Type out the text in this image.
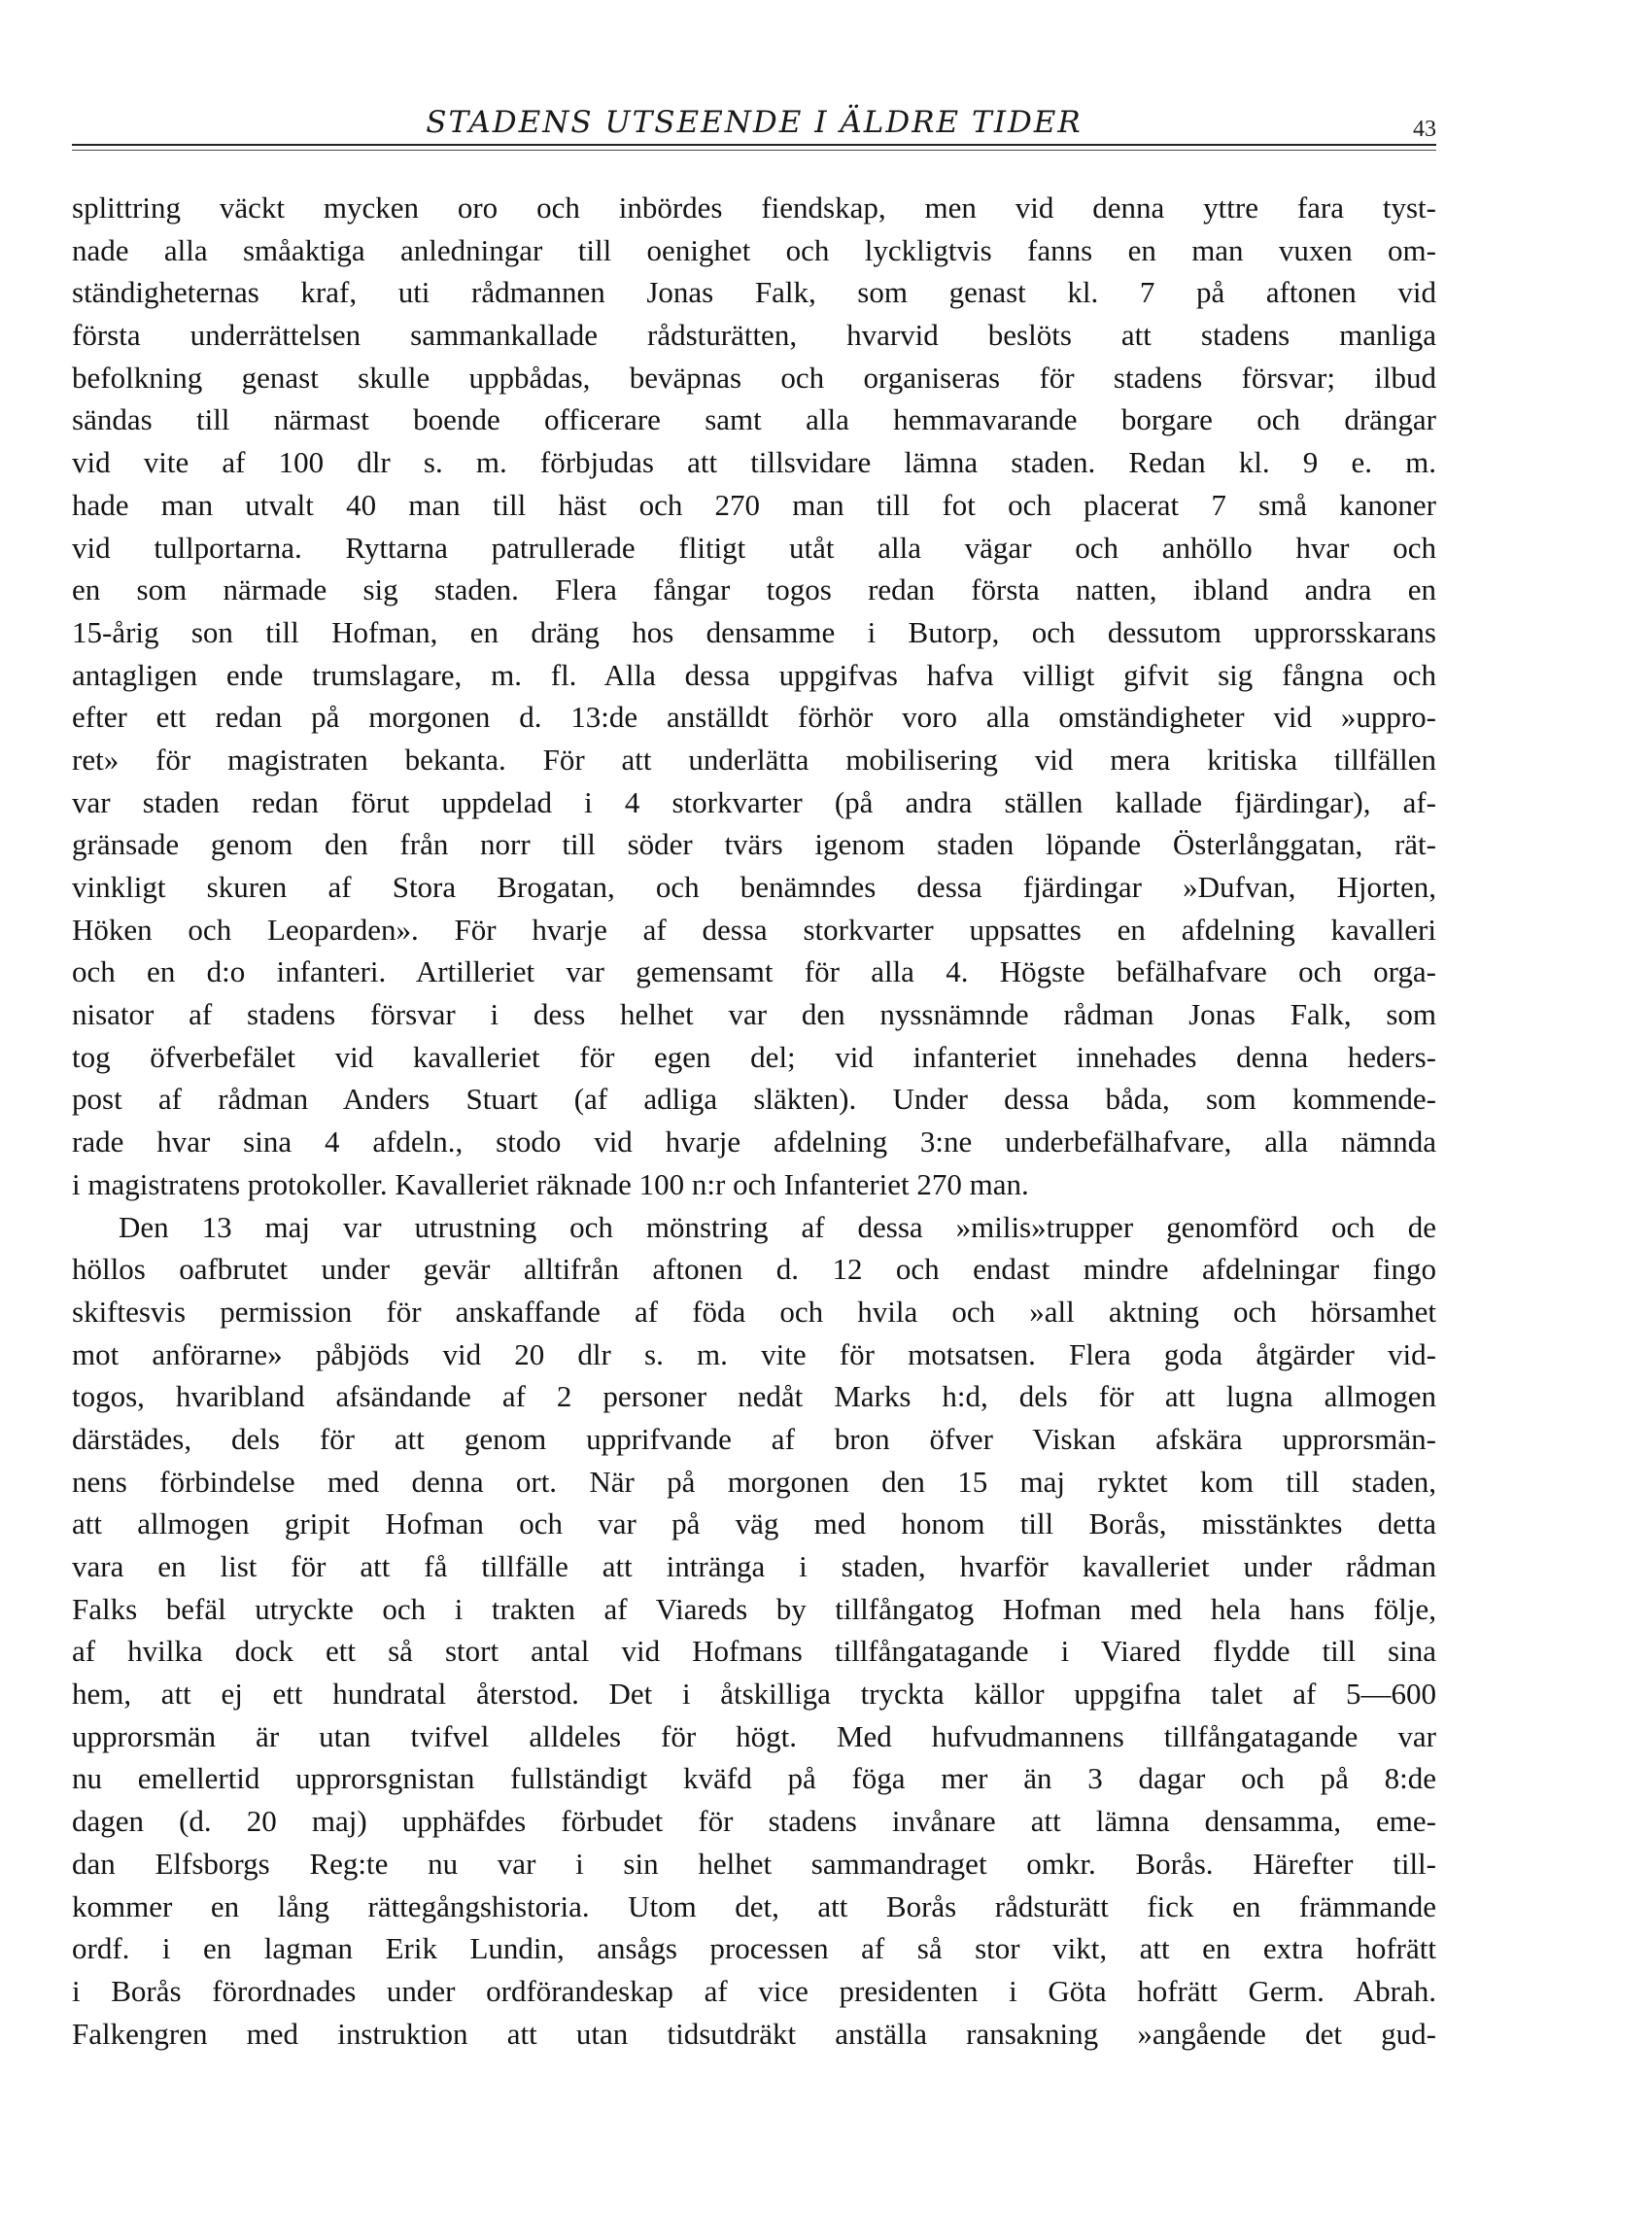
STADENS UTSEENDE I ÄLDRE TIDER	43
splittring väckt mycken oro och inbördes fiendskap, men vid denna yttre fara tyst-
nade alla småaktiga anledningar till oenighet och lyckligtvis fanns en man vuxen om-
ständigheternas kraf, uti rådmannen Jonas Falk, som genast kl. 7 på aftonen vid
första underrättelsen sammankallade rådsturätten, hvarvid beslöts att stadens manliga
befolkning genast skulle uppbådas, beväpnas och organiseras för stadens försvar; ilbud
sändas till närmast boende officerare samt alla hemmavarande borgare och drängar
vid vite af 100 dlr s. m. förbjudas att tillsvidare lämna staden. Redan kl. 9 e. m.
hade man utvalt 40 man till häst och 270 man till fot och placerat 7 små kanoner
vid tullportarna. Ryttarna patrullerade flitigt utåt alla vägar och anhöllo hvar och
en som närmade sig staden. Flera fångar togos redan första natten, ibland andra en
15-årig son till Hofman, en dräng hos densamme i Butorp, och dessutom upprorsskarans
antagligen ende trumslagare, m. fl. Alla dessa uppgifvas hafva villigt gifvit sig fångna och
efter ett redan på morgonen d. 13:de anställdt förhör voro alla omständigheter vid »uppro-
ret» för magistraten bekanta. För att underlätta mobilisering vid mera kritiska tillfällen
var staden redan förut uppdelad i 4 storkvarter (på andra ställen kallade fjärdingar), af-
gränsade genom den från norr till söder tvärs igenom staden löpande Österlånggatan, rät-
vinkligt skuren af Stora Brogatan, och benämndes dessa fjärdingar »Dufvan, Hjorten,
Höken och Leoparden». För hvarje af dessa storkvarter uppsattes en afdelning kavalleri
och en d:o infanteri. Artilleriet var gemensamt för alla 4. Högste befälhafvare och orga-
nisator af stadens försvar i dess helhet var den nyssnämnde rådman Jonas Falk, som
tog öfverbefälet vid kavalleriet för egen del; vid infanteriet innehades denna heders-
post af rådman Anders Stuart (af adliga släkten). Under dessa båda, som kommende-
rade hvar sina 4 afdeln., stodo vid hvarje afdelning 3:ne underbefälhafvare, alla nämnda
i magistratens protokoller. Kavalleriet räknade 100 n:r och Infanteriet 270 man.
Den 13 maj var utrustning och mönstring af dessa »milis»trupper genomförd och de
höllos oafbrutet under gevär alltifrån aftonen d. 12 och endast mindre afdelningar fingo
skiftesvis permission för anskaffande af föda och hvila och »all aktning och hörsamhet
mot anförarne» påbjöds vid 20 dlr s. m. vite för motsatsen. Flera goda åtgärder vid-
togos, hvaribland afsändande af 2 personer nedåt Marks h:d, dels för att lugna allmogen
därstädes, dels för att genom upprifvande af bron öfver Viskan afskära upprorsmän-
nens förbindelse med denna ort. När på morgonen den 15 maj ryktet kom till staden,
att allmogen gripit Hofman och var på väg med honom till Borås, misstänktes detta
vara en list för att få tillfälle att intränga i staden, hvarför kavalleriet under rådman
Falks befäl utryckte och i trakten af Viareds by tillfångatog Hofman med hela hans följe,
af hvilka dock ett så stort antal vid Hofmans tillfångatagande i Viared flydde till sina
hem, att ej ett hundratal återstod. Det i åtskilliga tryckta källor uppgifna talet af 5—600
upprorsmän är utan tvifvel alldeles för högt. Med hufvudmannens tillfångatagande var
nu emellertid upprorsgnistan fullständigt kväfd på föga mer än 3 dagar och på 8:de
dagen (d. 20 maj) upphäfdes förbudet för stadens invånare att lämna densamma, eme-
dan Elfsborgs Reg:te nu var i sin helhet sammandraget omkr. Borås. Härefter till-
kommer en lång rättegångshistoria. Utom det, att Borås rådsturätt fick en främmande
ordf. i en lagman Erik Lundin, ansågs processen af så stor vikt, att en extra hofrätt
i Borås förordnades under ordförandeskap af vice presidenten i Göta hofrätt Germ. Abrah.
Falkengren med instruktion att utan tidsutdräkt anställa ransakning »angående det gud-
